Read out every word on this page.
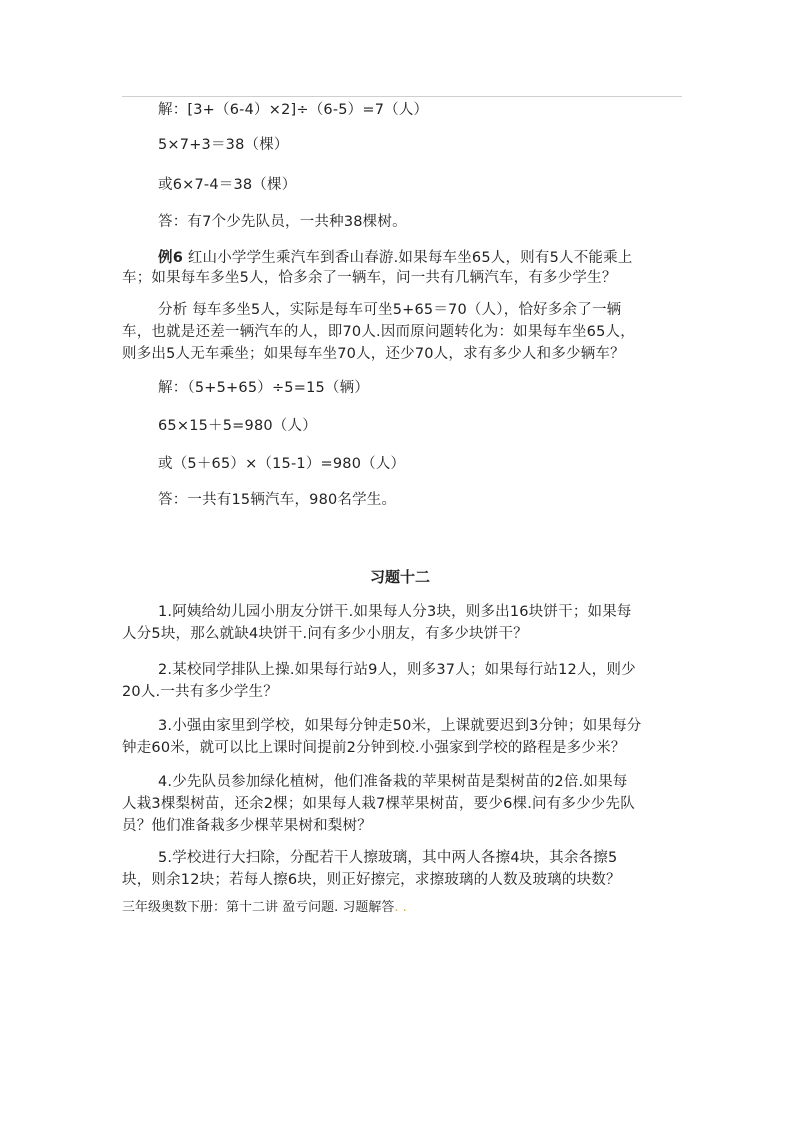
解：[3+（6-4）×2]÷（6-5）=7（人）
5×7+3＝38（棵）
或6×7-4＝38（棵）
答：有7个少先队员，一共种38棵树。
例6 红山小学学生乘汽车到香山春游.如果每车坐65人，则有5人不能乘上
车；如果每车多坐5人，恰多余了一辆车，问一共有几辆汽车，有多少学生？
分析 每车多坐5人，实际是每车可坐5+65＝70（人），恰好多余了一辆
车，也就是还差一辆汽车的人，即70人.因而原问题转化为：如果每车坐65人，
则多出5人无车乘坐；如果每车坐70人，还少70人，求有多少人和多少辆车？
解：（5+5+65）÷5=15（辆）
65×15＋5=980（人）
或（5＋65）×（15-1）=980（人）
答：一共有15辆汽车，980名学生。
习题十二
1.阿姨给幼儿园小朋友分饼干.如果每人分3块，则多出16块饼干；如果每
人分5块，那么就缺4块饼干.问有多少小朋友，有多少块饼干？
2.某校同学排队上操.如果每行站9人，则多37人；如果每行站12人，则少
20人.一共有多少学生？
3.小强由家里到学校，如果每分钟走50米，上课就要迟到3分钟；如果每分
钟走60米，就可以比上课时间提前2分钟到校.小强家到学校的路程是多少米？
4.少先队员参加绿化植树，他们准备栽的苹果树苗是梨树苗的2倍.如果每
人栽3棵梨树苗，还余2棵；如果每人栽7棵苹果树苗，要少6棵.问有多少少先队
员？他们准备栽多少棵苹果树和梨树？
5.学校进行大扫除，分配若干人擦玻璃，其中两人各擦4块，其余各擦5
块，则余12块；若每人擦6块，则正好擦完，求擦玻璃的人数及玻璃的块数？
三年级奥数下册：第十二讲 盈亏问题. 习题解答. .
